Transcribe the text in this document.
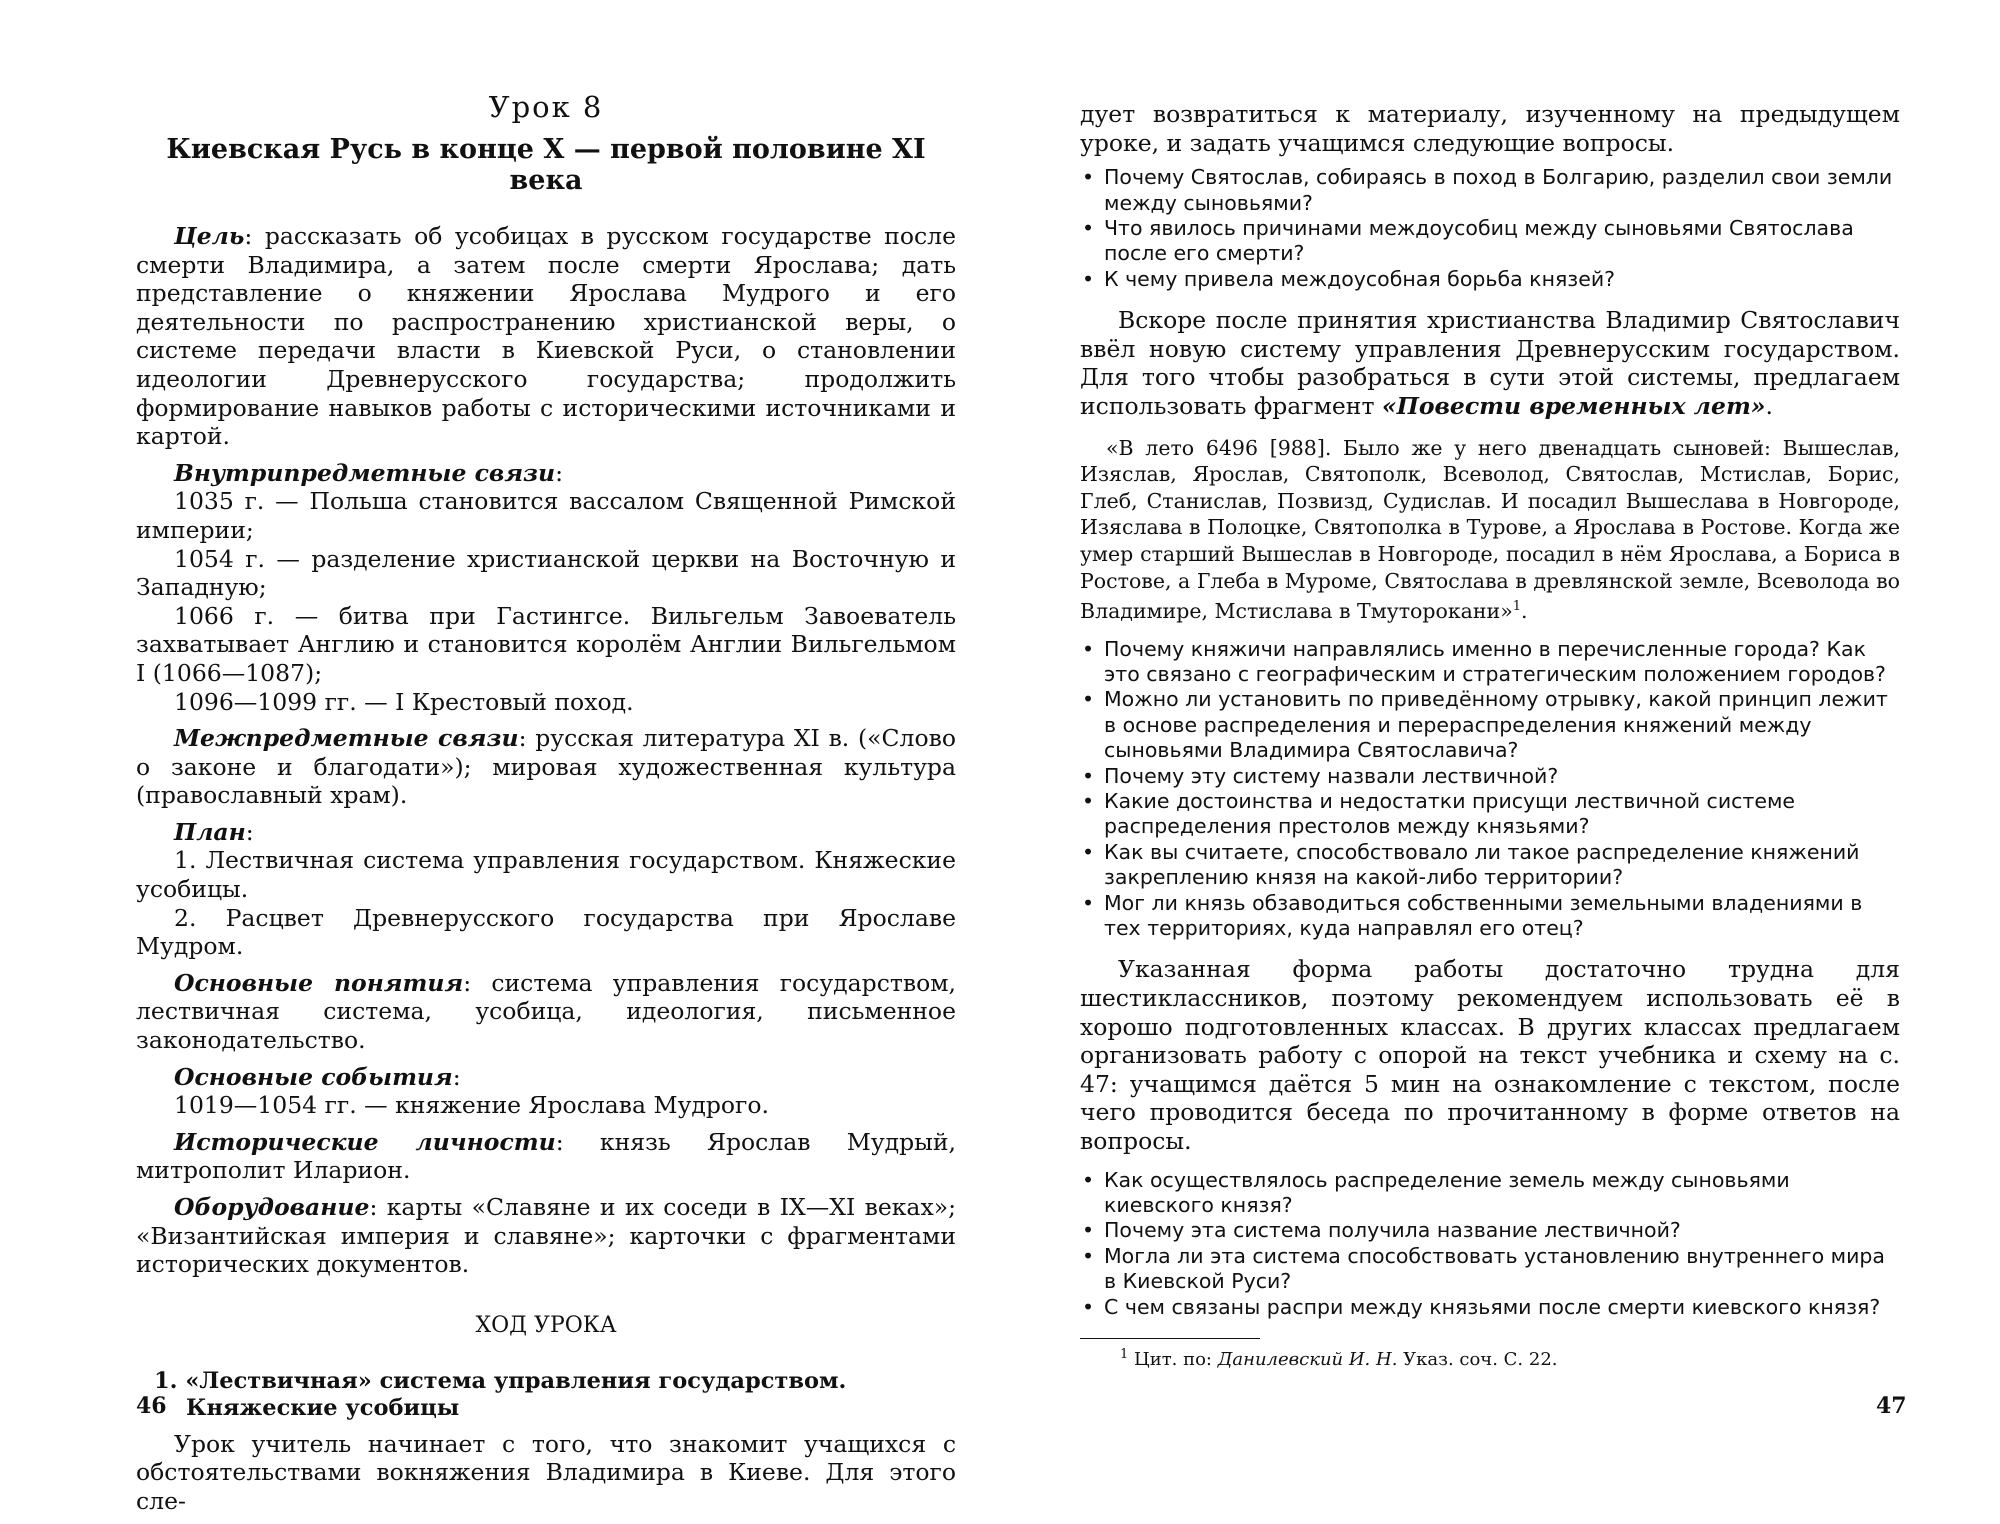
Урок 8
Киевская Русь в конце X — первой половине XI века

Цель: рассказать об усобицах в русском государстве после смерти Владимира, а затем после смерти Ярослава; дать представление о княжении Ярослава Мудрого и его деятельности по распространению христианской веры, о системе передачи власти в Киевской Руси, о становлении идеологии Древнерусского государства; продолжить формирование навыков работы с историческими источниками и картой.

Внутрипредметные связи:

1035 г. — Польша становится вассалом Священной Римской империи;

1054 г. — разделение христианской церкви на Восточную и Западную;

1066 г. — битва при Гастингсе. Вильгельм Завоеватель захватывает Англию и становится королём Англии Вильгельмом I (1066—1087);

1096—1099 гг. — I Крестовый поход.

Межпредметные связи: русская литература XI в. («Слово о законе и благодати»); мировая художественная культура (православный храм).

План:

1. Лествичная система управления государством. Княжеские усобицы.

2. Расцвет Древнерусского государства при Ярославе Мудром.

Основные понятия: система управления государством, лествичная система, усобица, идеология, письменное законодательство.

Основные события:

1019—1054 гг. — княжение Ярослава Мудрого.

Исторические личности: князь Ярослав Мудрый, митрополит Иларион.

Оборудование: карты «Славяне и их соседи в IX—XI веках»; «Византийская империя и славяне»; карточки с фрагментами исторических документов.

ХОД УРОКА
1. «Лествичная» система управления государством. Княжеские усобицы

Урок учитель начинает с того, что знакомит учащихся с обстоятельствами вокняжения Владимира в Киеве. Для этого сле-

46

дует возвратиться к материалу, изученному на предыдущем уроке, и задать учащимся следующие вопросы.

• Почему Святослав, собираясь в поход в Болгарию, разделил свои земли между сыновьями?
• Что явилось причинами междоусобиц между сыновьями Святослава после его смерти?
• К чему привела междоусобная борьба князей?

Вскоре после принятия христианства Владимир Святославич ввёл новую систему управления Древнерусским государством. Для того чтобы разобраться в сути этой системы, предлагаем использовать фрагмент «Повести временных лет».

«В лето 6496 [988]. Было же у него двенадцать сыновей: Вышеслав, Изяслав, Ярослав, Святополк, Всеволод, Святослав, Мстислав, Борис, Глеб, Станислав, Позвизд, Судислав. И посадил Вышеслава в Новгороде, Изяслава в Полоцке, Святополка в Турове, а Ярослава в Ростове. Когда же умер старший Вышеслав в Новгороде, посадил в нём Ярослава, а Бориса в Ростове, а Глеба в Муроме, Святослава в древлянской земле, Всеволода во Владимире, Мстислава в Тмуторокани»$^1$.

• Почему княжичи направлялись именно в перечисленные города? Как это связано с географическим и стратегическим положением городов?
• Можно ли установить по приведённому отрывку, какой принцип лежит в основе распределения и перераспределения княжений между сыновьями Владимира Святославича?
• Почему эту систему назвали лествичной?
• Какие достоинства и недостатки присущи лествичной системе распределения престолов между князьями?
• Как вы считаете, способствовало ли такое распределение княжений закреплению князя на какой-либо территории?
• Мог ли князь обзаводиться собственными земельными владениями в тех территориях, куда направлял его отец?

Указанная форма работы достаточно трудна для шестиклассников, поэтому рекомендуем использовать её в хорошо подготовленных классах. В других классах предлагаем организовать работу с опорой на текст учебника и схему на с. 47: учащимся даётся 5 мин на ознакомление с текстом, после чего проводится беседа по прочитанному в форме ответов на вопросы.

• Как осуществлялось распределение земель между сыновьями киевского князя?
• Почему эта система получила название лествичной?
• Могла ли эта система способствовать установлению внутреннего мира в Киевской Руси?
• С чем связаны распри между князьями после смерти киевского князя?
$^1$ Цит. по: Данилевский И. Н. Указ. соч. С. 22.
47
